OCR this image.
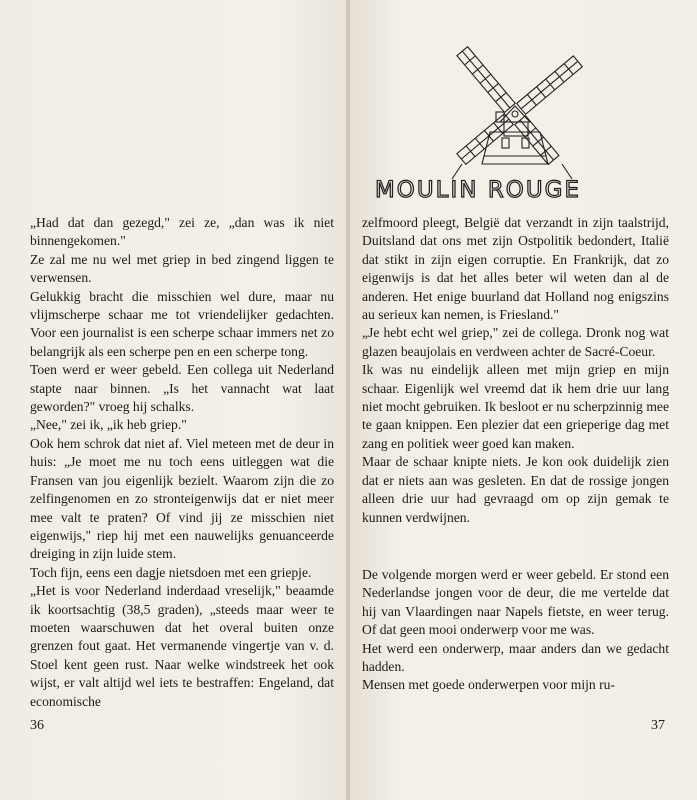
„Had dat dan gezegd," zei ze, „dan was ik niet binnengekomen."

Ze zal me nu wel met griep in bed zingend liggen te verwensen.

Gelukkig bracht die misschien wel dure, maar nu vlijmscherpe schaar me tot vriendelijker gedachten. Voor een journalist is een scherpe schaar immers net zo belangrijk als een scherpe pen en een scherpe tong.

Toen werd er weer gebeld. Een collega uit Nederland stapte naar binnen. „Is het vannacht wat laat geworden?" vroeg hij schalks.

„Nee," zei ik, „ik heb griep."

Ook hem schrok dat niet af. Viel meteen met de deur in huis: „Je moet me nu toch eens uitleggen wat die Fransen van jou eigenlijk bezielt. Waarom zijn die zo zelfingenomen en zo stronteigenwijs dat er niet meer mee valt te praten? Of vind jij ze misschien niet eigenwijs," riep hij met een nauwelijks genuanceerde dreiging in zijn luide stem.

Toch fijn, eens een dagje nietsdoen met een griepje.

„Het is voor Nederland inderdaad vreselijk," beaamde ik koortsachtig (38,5 graden), „steeds maar weer te moeten waarschuwen dat het overal buiten onze grenzen fout gaat. Het vermanende vingertje van v. d. Stoel kent geen rust. Naar welke windstreek het ook wijst, er valt altijd wel iets te bestraffen: Engeland, dat economische

36
MOULIN ROUGE

zelfmoord pleegt, België dat verzandt in zijn taalstrijd, Duitsland dat ons met zijn Ostpolitik bedondert, Italië dat stikt in zijn eigen corruptie. En Frankrijk, dat zo eigenwijs is dat het alles beter wil weten dan al de anderen. Het enige buurland dat Holland nog enigszins au serieux kan nemen, is Friesland."

„Je hebt echt wel griep," zei de collega. Dronk nog wat glazen beaujolais en verdween achter de Sacré-Coeur.

Ik was nu eindelijk alleen met mijn griep en mijn schaar. Eigenlijk wel vreemd dat ik hem drie uur lang niet mocht gebruiken. Ik besloot er nu scherpzinnig mee te gaan knippen. Een plezier dat een grieperige dag met zang en politiek weer goed kan maken.

Maar de schaar knipte niets. Je kon ook duidelijk zien dat er niets aan was gesleten. En dat de rossige jongen alleen drie uur had gevraagd om op zijn gemak te kunnen verdwijnen.

De volgende morgen werd er weer gebeld. Er stond een Nederlandse jongen voor de deur, die me vertelde dat hij van Vlaardingen naar Napels fietste, en weer terug. Of dat geen mooi onderwerp voor me was.

Het werd een onderwerp, maar anders dan we gedacht hadden.

Mensen met goede onderwerpen voor mijn ru-

37
